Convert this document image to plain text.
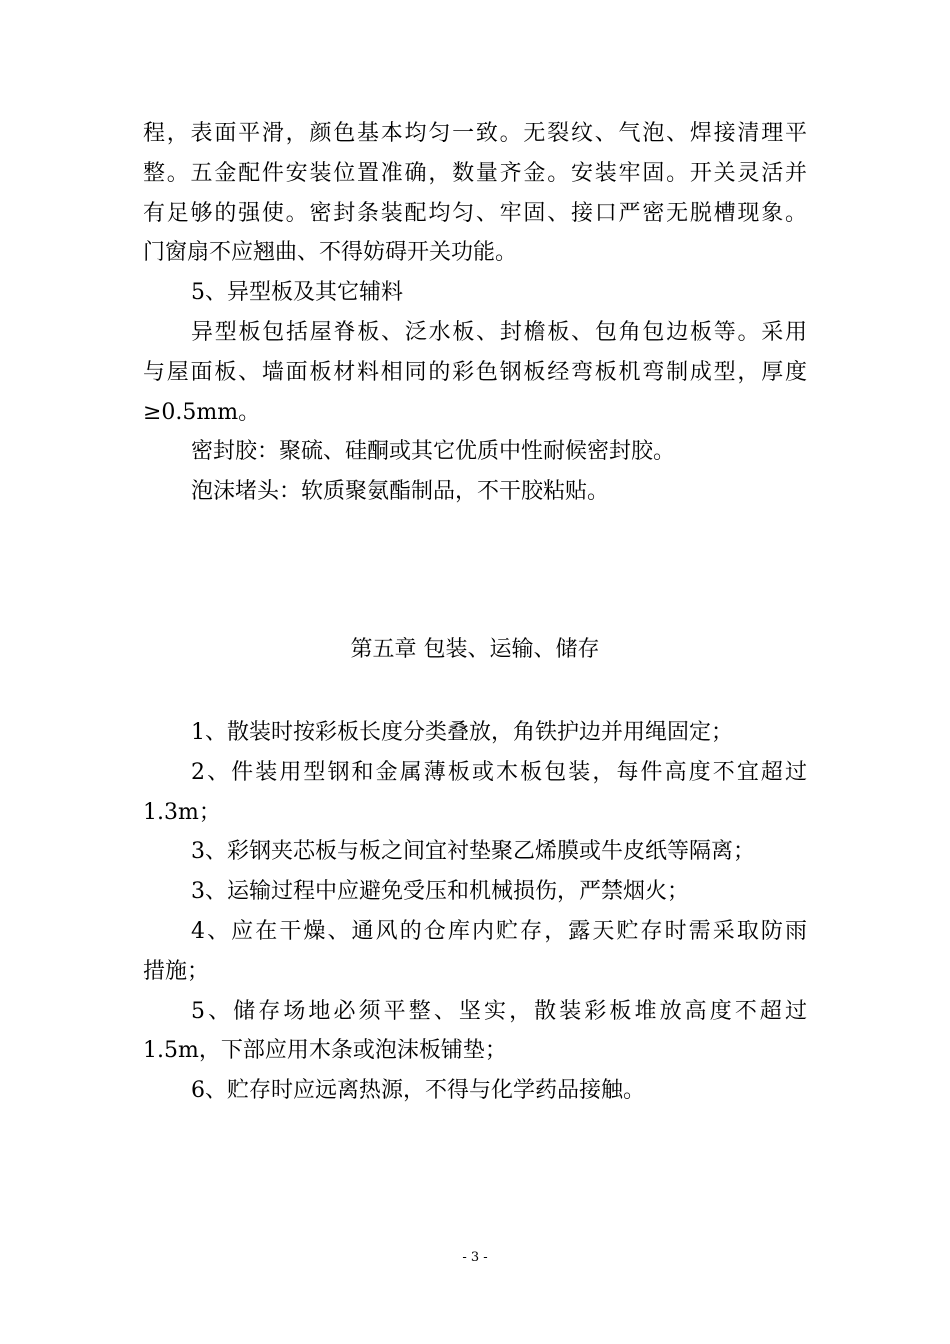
程，表面平滑，颜色基本均匀一致。无裂纹、气泡、焊接清理平
整。五金配件安装位置准确，数量齐金。安装牢固。开关灵活并
有足够的强使。密封条装配均匀、牢固、接口严密无脱槽现象。
门窗扇不应翘曲、不得妨碍开关功能。
5、异型板及其它辅料
异型板包括屋脊板、泛水板、封檐板、包角包边板等。采用
与屋面板、墙面板材料相同的彩色钢板经弯板机弯制成型，厚度
≥0.5mm。
密封胶：聚硫、硅酮或其它优质中性耐候密封胶。
泡沫堵头：软质聚氨酯制品，不干胶粘贴。
第五章 包装、运输、储存
1、散装时按彩板长度分类叠放，角铁护边并用绳固定；
2、件装用型钢和金属薄板或木板包装，每件高度不宜超过
1.3m；
3、彩钢夹芯板与板之间宜衬垫聚乙烯膜或牛皮纸等隔离；
3、运输过程中应避免受压和机械损伤，严禁烟火；
4、应在干燥、通风的仓库内贮存，露天贮存时需采取防雨
措施；
5、储存场地必须平整、坚实，散装彩板堆放高度不超过
1.5m，下部应用木条或泡沫板铺垫；
6、贮存时应远离热源，不得与化学药品接触。
- 3 -
